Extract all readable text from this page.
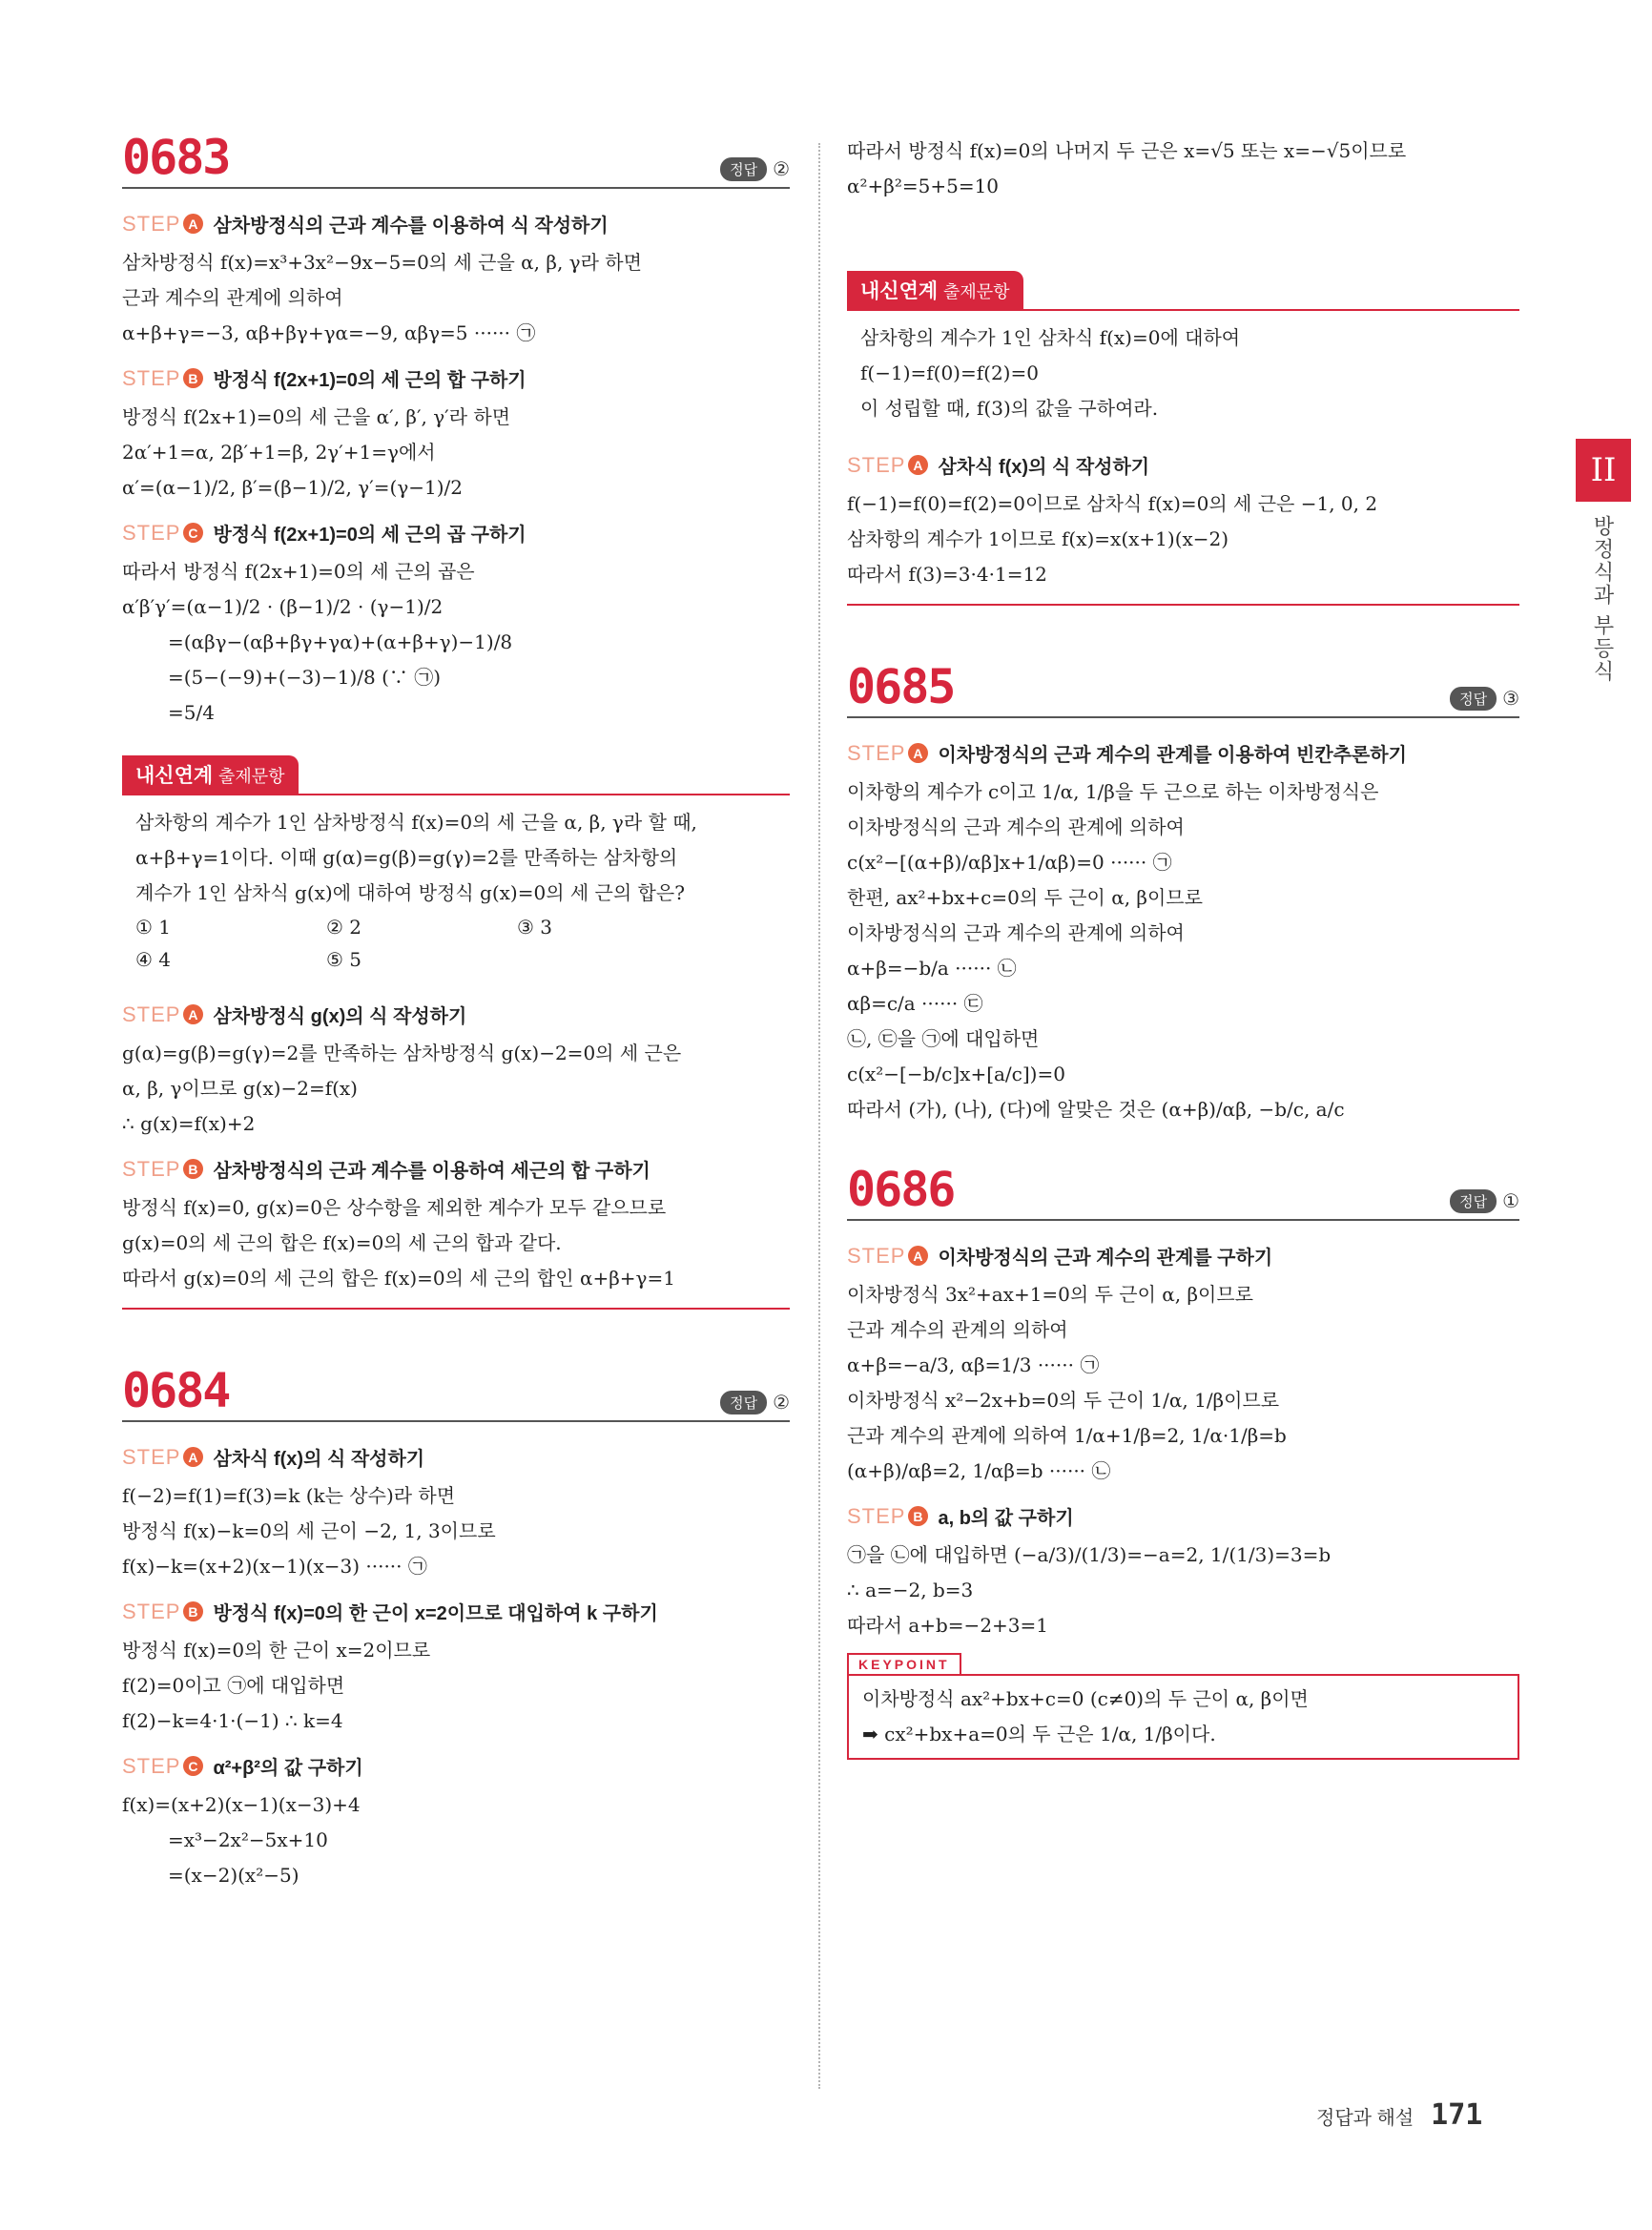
0683	정답 ②
STEP A 삼차방정식의 근과 계수를 이용하여 식 작성하기
삼차방정식 f(x)=x³+3x²−9x−5=0의 세 근을 α, β, γ라 하면
근과 계수의 관계에 의하여
α+β+γ=−3, αβ+βγ+γα=−9, αβγ=5 ······ ㉠
STEP B 방정식 f(2x+1)=0의 세 근의 합 구하기
방정식 f(2x+1)=0의 세 근을 α′, β′, γ′라 하면
2α′+1=α, 2β′+1=β, 2γ′+1=γ에서
α′=(α−1)/2, β′=(β−1)/2, γ′=(γ−1)/2
STEP C 방정식 f(2x+1)=0의 세 근의 곱 구하기
따라서 방정식 f(2x+1)=0의 세 근의 곱은
α′β′γ′=(α−1)/2 · (β−1)/2 · (γ−1)/2
=(αβγ−(αβ+βγ+γα)+(α+β+γ)−1)/8
=(5−(−9)+(−3)−1)/8 (∵ ㉠)
=5/4
내신연계 출제문항
삼차항의 계수가 1인 삼차방정식 f(x)=0의 세 근을 α, β, γ라 할 때,
α+β+γ=1이다. 이때 g(α)=g(β)=g(γ)=2를 만족하는 삼차항의
계수가 1인 삼차식 g(x)에 대하여 방정식 g(x)=0의 세 근의 합은?
① 1	② 2	③ 3
④ 4	⑤ 5
STEP A 삼차방정식 g(x)의 식 작성하기
g(α)=g(β)=g(γ)=2를 만족하는 삼차방정식 g(x)−2=0의 세 근은
α, β, γ이므로 g(x)−2=f(x)
∴ g(x)=f(x)+2
STEP B 삼차방정식의 근과 계수를 이용하여 세근의 합 구하기
방정식 f(x)=0, g(x)=0은 상수항을 제외한 계수가 모두 같으므로
g(x)=0의 세 근의 합은 f(x)=0의 세 근의 합과 같다.
따라서 g(x)=0의 세 근의 합은 f(x)=0의 세 근의 합인 α+β+γ=1
0684	정답 ②
STEP A 삼차식 f(x)의 식 작성하기
f(−2)=f(1)=f(3)=k (k는 상수)라 하면
방정식 f(x)−k=0의 세 근이 −2, 1, 3이므로
f(x)−k=(x+2)(x−1)(x−3) ······ ㉠
STEP B 방정식 f(x)=0의 한 근이 x=2이므로 대입하여 k 구하기
방정식 f(x)=0의 한 근이 x=2이므로
f(2)=0이고 ㉠에 대입하면
f(2)−k=4·1·(−1) ∴ k=4
STEP C α²+β²의 값 구하기
f(x)=(x+2)(x−1)(x−3)+4
=x³−2x²−5x+10
=(x−2)(x²−5)
따라서 방정식 f(x)=0의 나머지 두 근은 x=√5 또는 x=−√5이므로
α²+β²=5+5=10
내신연계 출제문항
삼차항의 계수가 1인 삼차식 f(x)=0에 대하여
f(−1)=f(0)=f(2)=0
이 성립할 때, f(3)의 값을 구하여라.
STEP A 삼차식 f(x)의 식 작성하기
f(−1)=f(0)=f(2)=0이므로 삼차식 f(x)=0의 세 근은 −1, 0, 2
삼차항의 계수가 1이므로 f(x)=x(x+1)(x−2)
따라서 f(3)=3·4·1=12
0685	정답 ③
STEP A 이차방정식의 근과 계수의 관계를 이용하여 빈칸추론하기
이차항의 계수가 c이고 1/α, 1/β을 두 근으로 하는 이차방정식은
이차방정식의 근과 계수의 관계에 의하여
c(x²−[(α+β)/αβ]x+1/αβ)=0 ······ ㉠
한편, ax²+bx+c=0의 두 근이 α, β이므로
이차방정식의 근과 계수의 관계에 의하여
α+β=−b/a ······ ㉡
αβ=c/a ······ ㉢
㉡, ㉢을 ㉠에 대입하면
c(x²−[−b/c]x+[a/c])=0
따라서 (가), (나), (다)에 알맞은 것은 (α+β)/αβ, −b/c, a/c
0686	정답 ①
STEP A 이차방정식의 근과 계수의 관계를 구하기
이차방정식 3x²+ax+1=0의 두 근이 α, β이므로
근과 계수의 관계의 의하여
α+β=−a/3, αβ=1/3 ······ ㉠
이차방정식 x²−2x+b=0의 두 근이 1/α, 1/β이므로
근과 계수의 관계에 의하여 1/α+1/β=2, 1/α·1/β=b
(α+β)/αβ=2, 1/αβ=b ······ ㉡
STEP B a, b의 값 구하기
㉠을 ㉡에 대입하면 (−a/3)/(1/3)=−a=2, 1/(1/3)=3=b
∴ a=−2, b=3
따라서 a+b=−2+3=1
KEYPOINT
이차방정식 ax²+bx+c=0 (c≠0)의 두 근이 α, β이면
➡ cx²+bx+a=0의 두 근은 1/α, 1/β이다.
II
방정식과 부등식
정답과 해설 171
